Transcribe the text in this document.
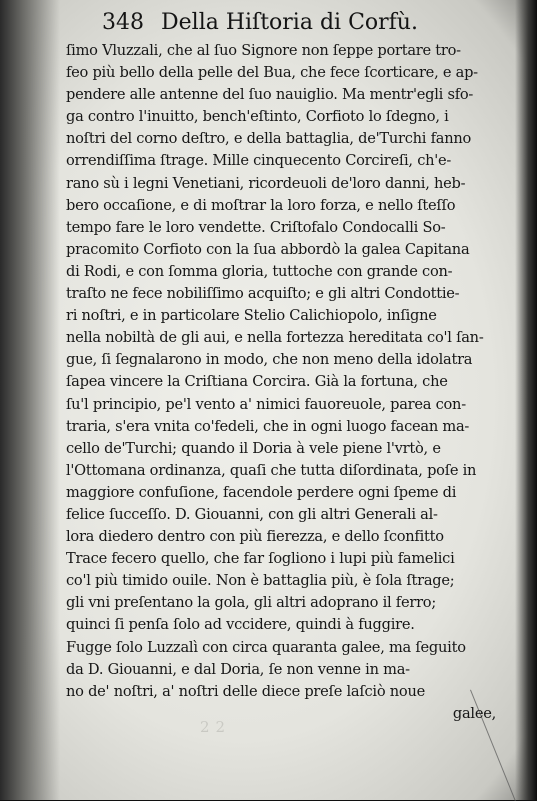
22
348 Della Hiſtoria di Corfù.
ſimo Vluzzali, che al ſuo Signore non ſeppe portare tro-
feo più bello della pelle del Bua, che fece ſcorticare, e ap-
pendere alle antenne del ſuo nauiglio. Ma mentr'egli sfo-
ga contro l'inuitto, bench'eſtinto, Corfioto lo ſdegno, i
noſtri del corno deſtro, e della battaglia, de'Turchi fanno
orrendiſſima ſtrage. Mille cinquecento Corcireſi, ch'e-
rano sù i legni Venetiani, ricordeuoli de'loro danni, heb-
bero occaſione, e di moſtrar la loro forza, e nello ſteſſo
tempo fare le loro vendette. Criſtofalo Condocalli So-
pracomito Corfioto con la ſua abbordò la galea Capitana
di Rodi, e con ſomma gloria, tuttoche con grande con-
traſto ne fece nobiliſſimo acquiſto; e gli altri Condottie-
ri noſtri, e in particolare Stelio Calichiopolo, inſigne
nella nobiltà de gli aui, e nella fortezza hereditata co'l ſan-
gue, ſi ſegnalarono in modo, che non meno della idolatra
ſapea vincere la Criſtiana Corcira. Già la fortuna, che
ſu'l principio, pe'l vento a' nimici fauoreuole, parea con-
traria, s'era vnita co'fedeli, che in ogni luogo facean ma-
cello de'Turchi; quando il Doria à vele piene l'vrtò, e
l'Ottomana ordinanza, quaſi che tutta diſordinata, poſe in
maggiore confuſione, facendole perdere ogni ſpeme di
felice ſucceſſo. D. Giouanni, con gli altri Generali al-
lora diedero dentro con più fierezza, e dello ſconfitto
Trace fecero quello, che far ſogliono i lupi più famelici
co'l più timido ouile. Non è battaglia più, è ſola ſtrage;
gli vni preſentano la gola, gli altri adoprano il ferro;
quinci ſi penſa ſolo ad vccidere, quindi à fuggire.
Fugge ſolo Luzzalì con circa quaranta galee, ma ſeguito
da D. Giouanni, e dal Doria, ſe non venne in ma-
no de' noſtri, a' noſtri delle diece preſe laſciò noue
galee,
